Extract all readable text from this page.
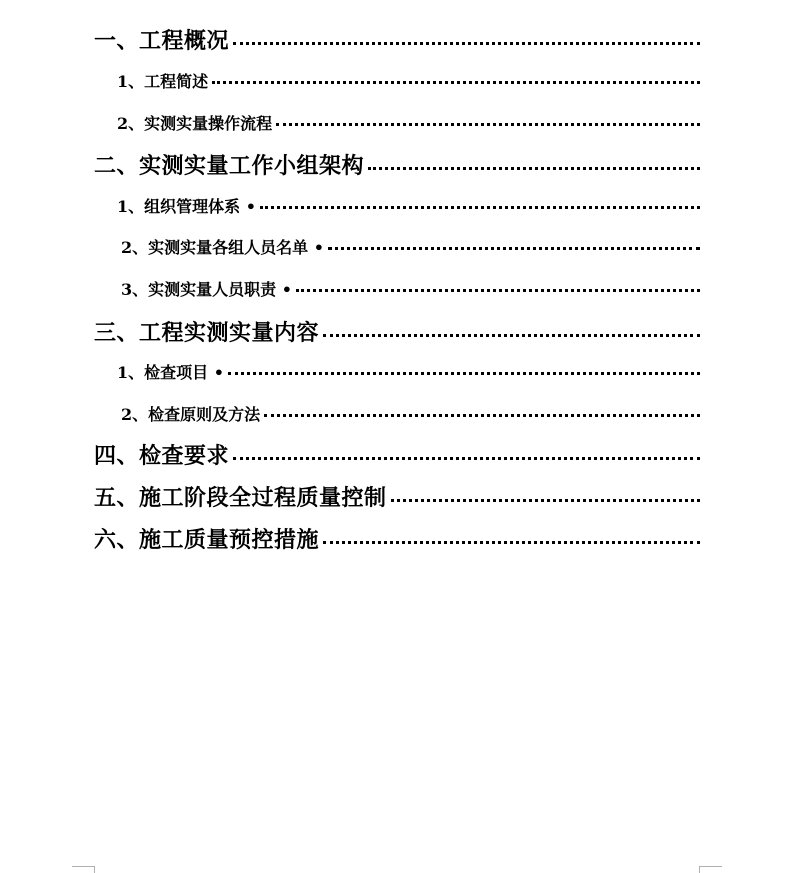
一、工程概况
1、工程简述
2、实测实量操作流程
二、实测实量工作小组架构
1、组织管理体系 •
2、实测实量各组人员名单 •
3、实测实量人员职责 •
三、工程实测实量内容
1、检查项目 •
2、检查原则及方法
四、检查要求
五、施工阶段全过程质量控制
六、施工质量预控措施
